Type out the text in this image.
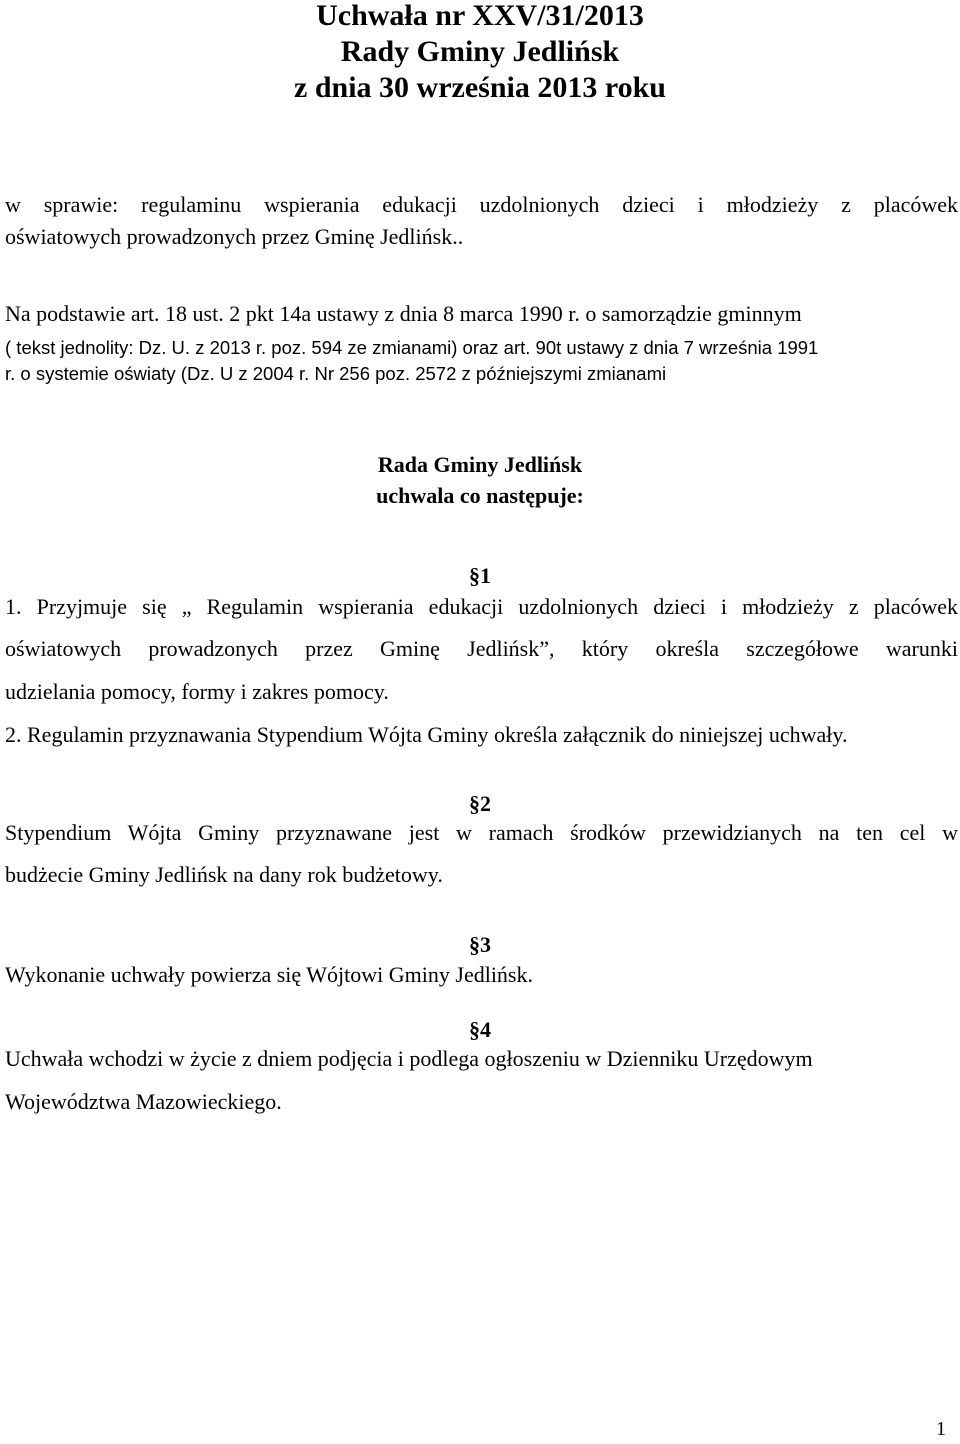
Uchwała nr XXV/31/2013
Rady Gminy Jedlińsk
z dnia 30 września 2013 roku
w sprawie: regulaminu wspierania edukacji uzdolnionych dzieci i młodzieży z placówek
oświatowych prowadzonych przez Gminę Jedlińsk..
Na podstawie art. 18 ust. 2 pkt 14a ustawy z dnia 8 marca 1990 r. o samorządzie gminnym
( tekst jednolity: Dz. U. z 2013 r. poz. 594 ze zmianami) oraz art. 90t ustawy z dnia 7 września 1991
r. o systemie oświaty (Dz. U z 2004 r. Nr 256 poz. 2572 z późniejszymi zmianami
Rada Gminy Jedlińsk
uchwala co następuje:
§1
1. Przyjmuje się „ Regulamin wspierania edukacji uzdolnionych dzieci i młodzieży z placówek
oświatowych prowadzonych przez Gminę Jedlińsk”, który określa szczegółowe warunki
udzielania pomocy, formy i zakres pomocy.
2. Regulamin przyznawania Stypendium Wójta Gminy określa załącznik do niniejszej uchwały.
§2
Stypendium Wójta Gminy przyznawane jest w ramach środków przewidzianych na ten cel w
budżecie Gminy Jedlińsk na dany rok budżetowy.
§3
Wykonanie uchwały powierza się Wójtowi Gminy Jedlińsk.
§4
Uchwała wchodzi w życie z dniem podjęcia i podlega ogłoszeniu w Dzienniku Urzędowym
Województwa Mazowieckiego.
1
